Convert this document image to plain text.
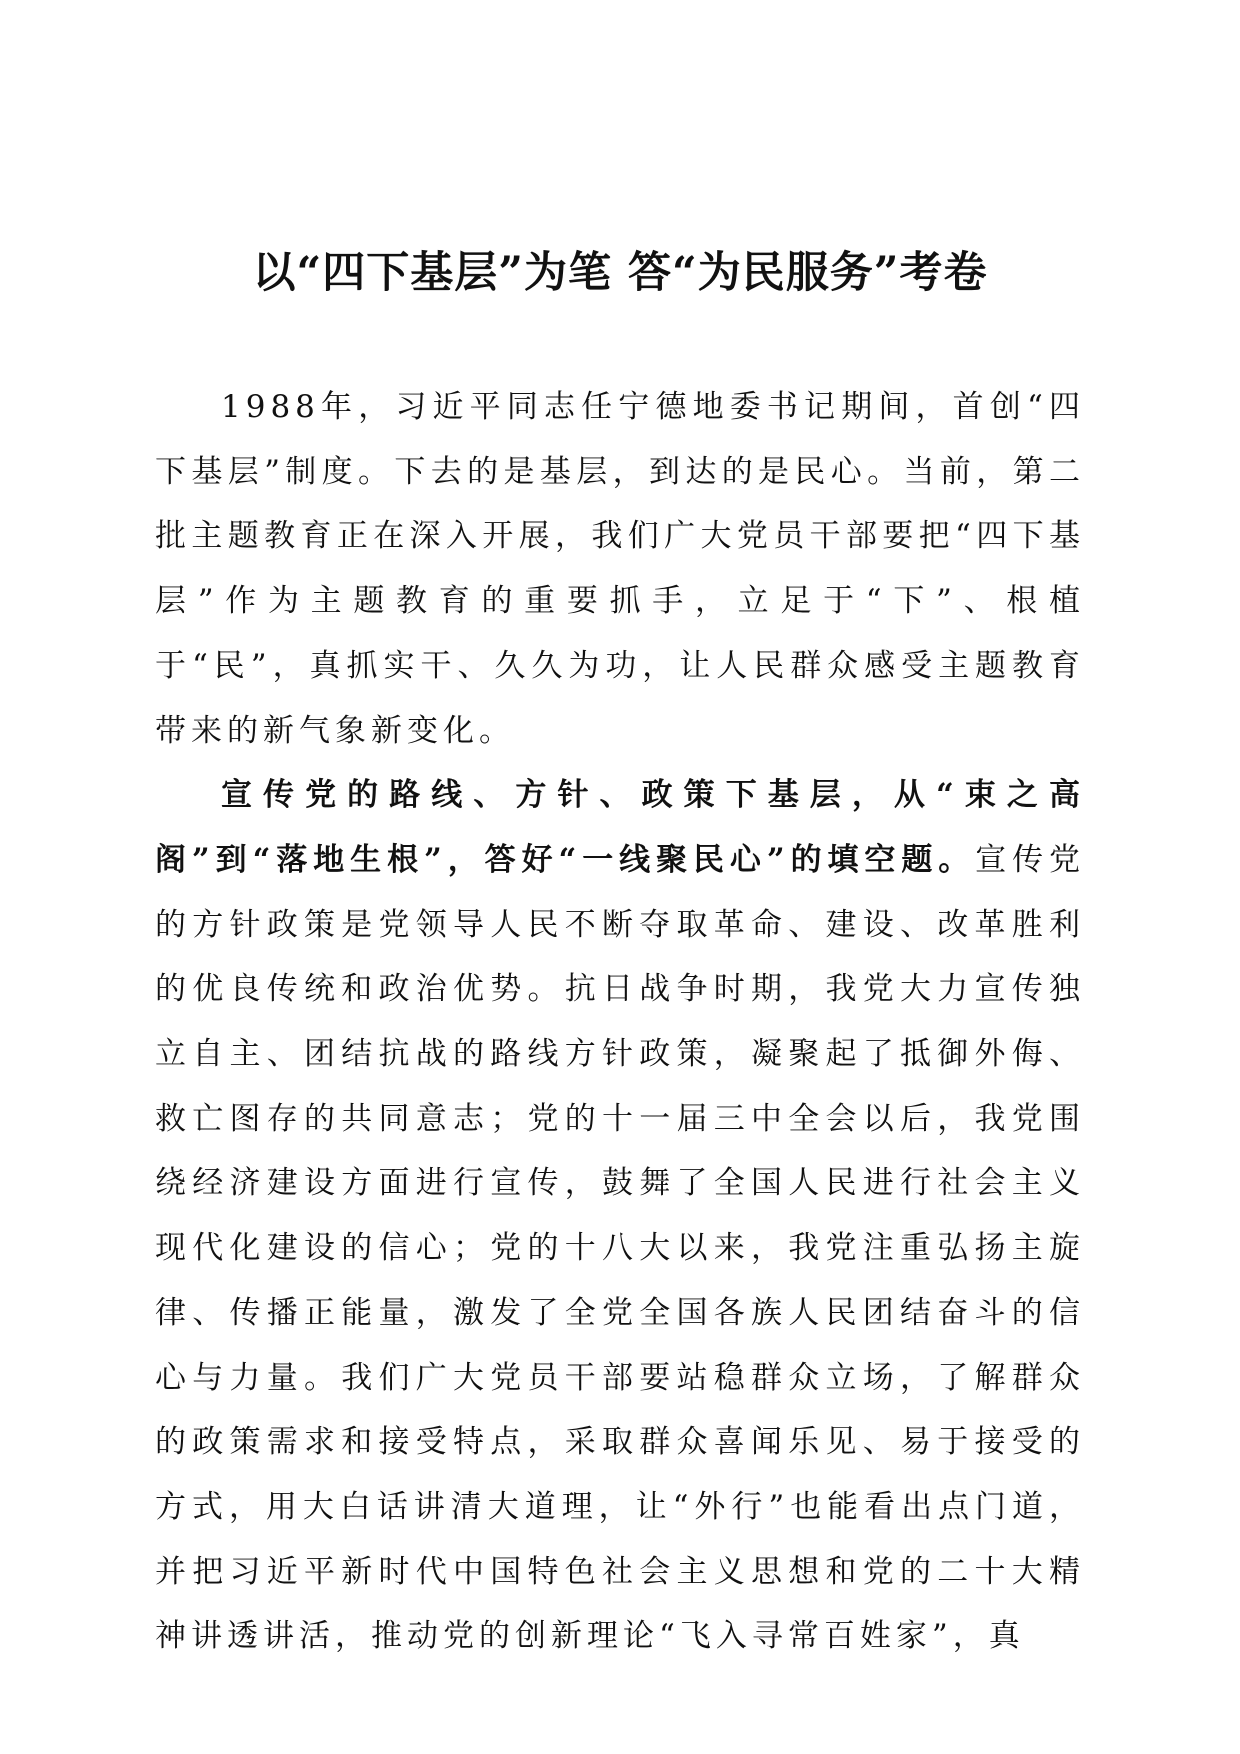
以“四下基层”为笔 答“为民服务”考卷

1988年，习近平同志任宁德地委书记期间，首创“四下基层”制度。下去的是基层，到达的是民心。当前，第二批主题教育正在深入开展，我们广大党员干部要把“四下基层”作为主题教育的重要抓手，立足于“下”、根植于“民”，真抓实干、久久为功，让人民群众感受主题教育带来的新气象新变化。

宣传党的路线、方针、政策下基层，从“束之高阁”到“落地生根”，答好“一线聚民心”的填空题。宣传党的方针政策是党领导人民不断夺取革命、建设、改革胜利的优良传统和政治优势。抗日战争时期，我党大力宣传独立自主、团结抗战的路线方针政策，凝聚起了抵御外侮、救亡图存的共同意志；党的十一届三中全会以后，我党围绕经济建设方面进行宣传，鼓舞了全国人民进行社会主义现代化建设的信心；党的十八大以来，我党注重弘扬主旋律、传播正能量，激发了全党全国各族人民团结奋斗的信心与力量。我们广大党员干部要站稳群众立场，了解群众的政策需求和接受特点，采取群众喜闻乐见、易于接受的方式，用大白话讲清大道理，让“外行”也能看出点门道，并把习近平新时代中国特色社会主义思想和党的二十大精神讲透讲活，推动党的创新理论“飞入寻常百姓家”，真
